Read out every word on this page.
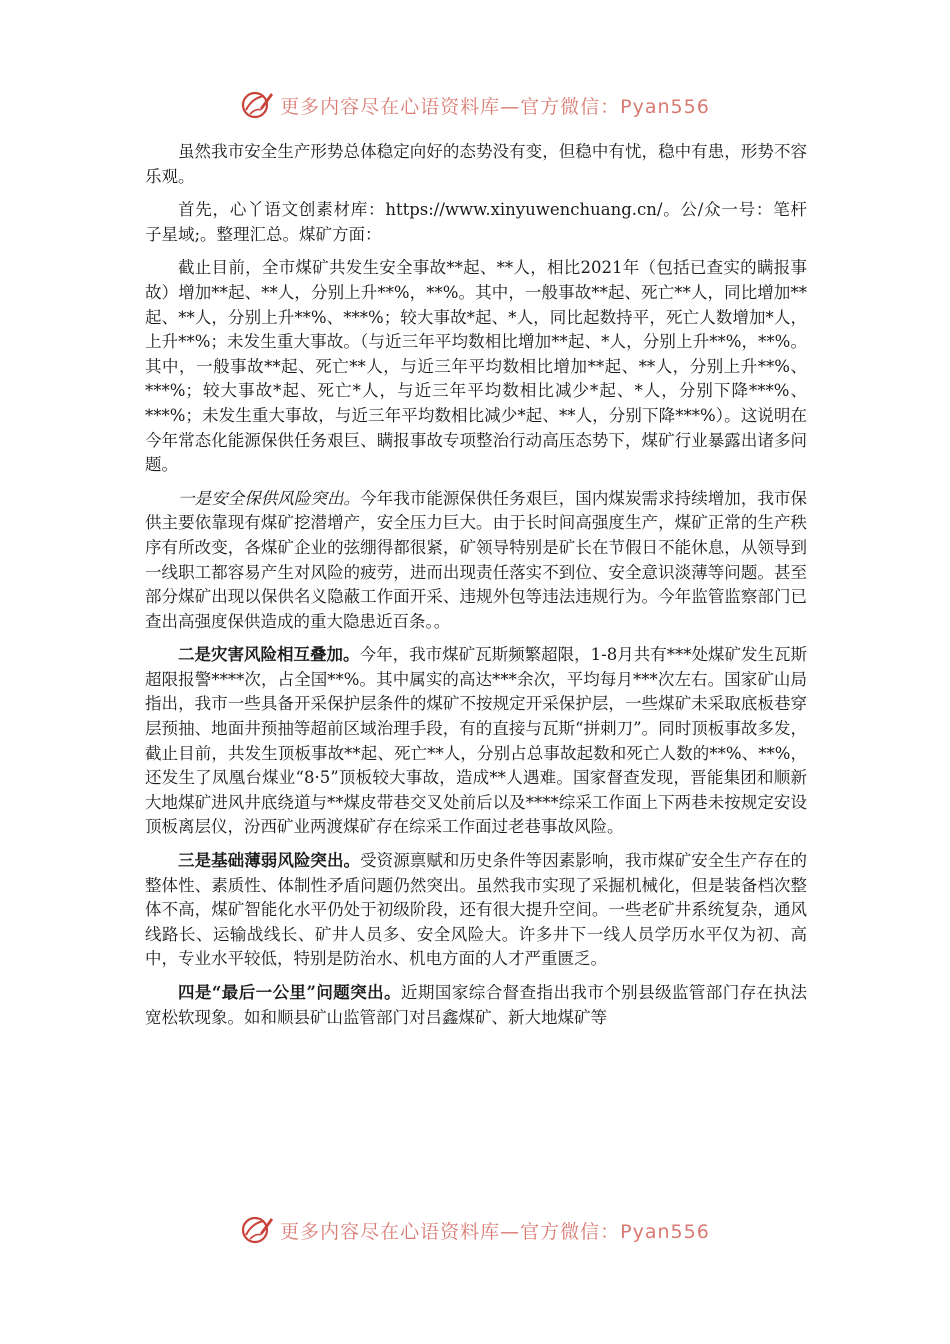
更多内容尽在心语资料库—官方微信：Pyan556

虽然我市安全生产形势总体稳定向好的态势没有变，但稳中有忧，稳中有患，形势不容乐观。

首先，心丫语文创素材库：https://www.xinyuwenchuang.cn/。公/众一号：笔杆子星域;。整理汇总。煤矿方面：

截止目前，全市煤矿共发生安全事故**起、**人，相比2021年（包括已查实的瞒报事故）增加**起、**人，分别上升**%，**%。其中，一般事故**起、死亡**人，同比增加**起、**人，分别上升**%、***%；较大事故*起、*人，同比起数持平，死亡人数增加*人，上升**%；未发生重大事故。（与近三年平均数相比增加**起、*人，分别上升**%，**%。其中，一般事故**起、死亡**人，与近三年平均数相比增加**起、**人，分别上升**%、***%；较大事故*起、死亡*人，与近三年平均数相比减少*起、*人，分别下降***%、***%；未发生重大事故，与近三年平均数相比减少*起、**人，分别下降***%）。这说明在今年常态化能源保供任务艰巨、瞒报事故专项整治行动高压态势下，煤矿行业暴露出诸多问题。

一是安全保供风险突出。今年我市能源保供任务艰巨，国内煤炭需求持续增加，我市保供主要依靠现有煤矿挖潜增产，安全压力巨大。由于长时间高强度生产，煤矿正常的生产秩序有所改变，各煤矿企业的弦绷得都很紧，矿领导特别是矿长在节假日不能休息，从领导到一线职工都容易产生对风险的疲劳，进而出现责任落实不到位、安全意识淡薄等问题。甚至部分煤矿出现以保供名义隐蔽工作面开采、违规外包等违法违规行为。今年监管监察部门已查出高强度保供造成的重大隐患近百条。。

二是灾害风险相互叠加。今年，我市煤矿瓦斯频繁超限，1-8月共有***处煤矿发生瓦斯超限报警****次，占全国**%。其中属实的高达***余次，平均每月***次左右。国家矿山局指出，我市一些具备开采保护层条件的煤矿不按规定开采保护层，一些煤矿未采取底板巷穿层预抽、地面井预抽等超前区域治理手段，有的直接与瓦斯“拼刺刀”。同时顶板事故多发，截止目前，共发生顶板事故**起、死亡**人，分别占总事故起数和死亡人数的**%、**%，还发生了凤凰台煤业“8·5”顶板较大事故，造成**人遇难。国家督查发现，晋能集团和顺新大地煤矿进风井底绕道与**煤皮带巷交叉处前后以及****综采工作面上下两巷未按规定安设顶板离层仪，汾西矿业两渡煤矿存在综采工作面过老巷事故风险。

三是基础薄弱风险突出。受资源禀赋和历史条件等因素影响，我市煤矿安全生产存在的整体性、素质性、体制性矛盾问题仍然突出。虽然我市实现了采掘机械化，但是装备档次整体不高，煤矿智能化水平仍处于初级阶段，还有很大提升空间。一些老矿井系统复杂，通风线路长、运输战线长、矿井人员多、安全风险大。许多井下一线人员学历水平仅为初、高中，专业水平较低，特别是防治水、机电方面的人才严重匮乏。

四是“最后一公里”问题突出。近期国家综合督查指出我市个别县级监管部门存在执法宽松软现象。如和顺县矿山监管部门对吕鑫煤矿、新大地煤矿等

更多内容尽在心语资料库—官方微信：Pyan556
